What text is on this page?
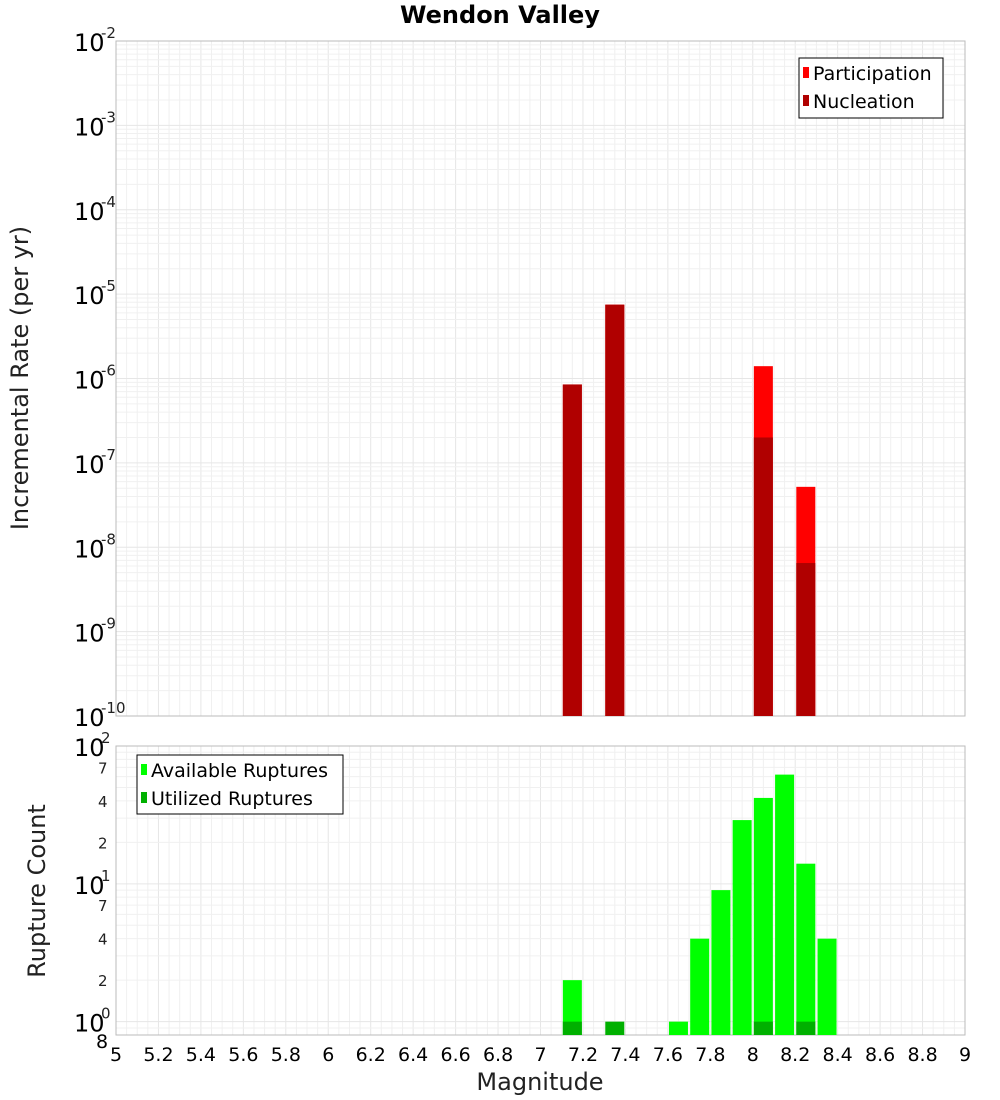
Wendon Valley
10
-2
10
-3
10
-4
10
-5
10
-6
10
-7
10
-8
10
-9
10
-10
Participation
Nucleation
10
2
10
1
10
0
7
4
2
7
4
2
8
5 5.2 5.4 5.6 5.8 6 6.2 6.4 6.6 6.8 7 7.2 7.4 7.6 7.8 8 8.2 8.4 8.6 8.8 9
Available Ruptures
Utilized Ruptures
Incremental Rate (per yr)
Rupture Count
Magnitude
